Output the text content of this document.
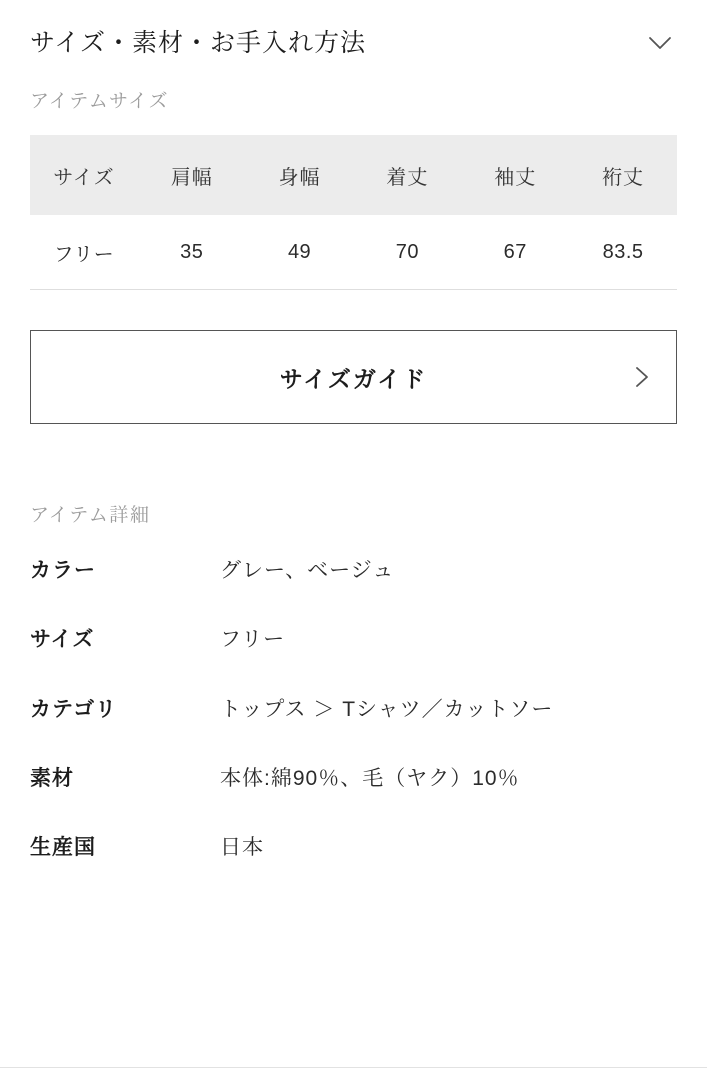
サイズ・素材・お手入れ方法
アイテムサイズ
サイズ	肩幅	身幅	着丈	袖丈	裄丈
フリー	35	49	70	67	83.5
サイズガイド
アイテム詳細
カラー	グレー、ベージュ
サイズ	フリー
カテゴリ	トップス ＞ Tシャツ／カットソー
素材	本体:綿90％、毛（ヤク）10％
生産国	日本
